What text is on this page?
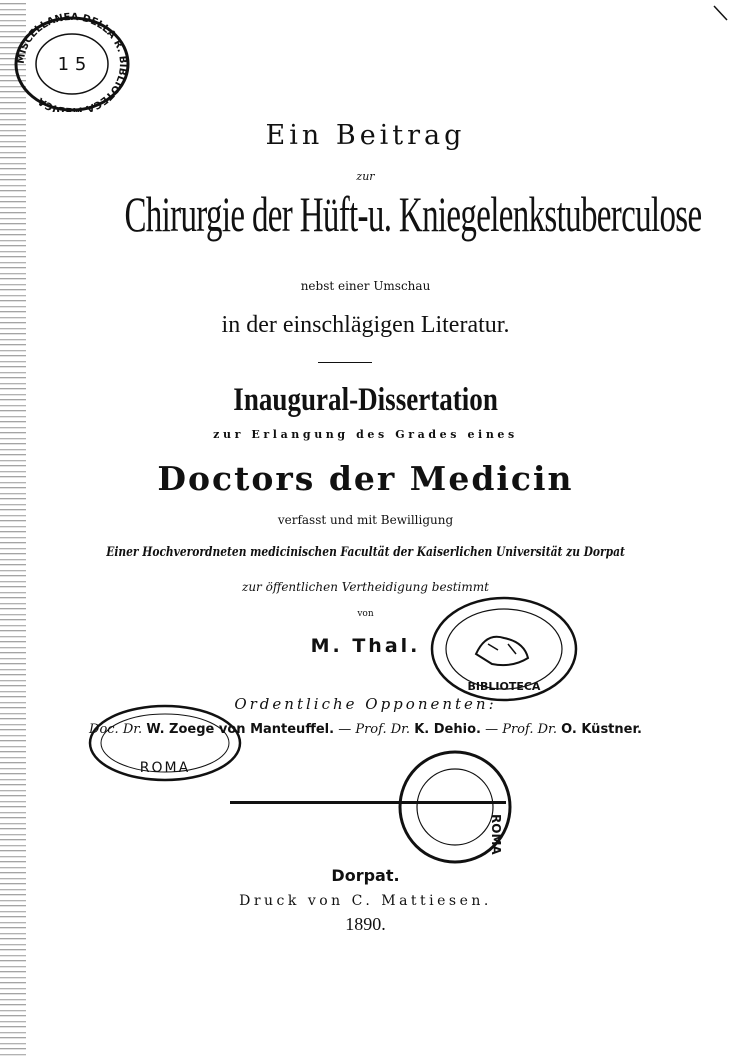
MISCELLANEA DELLA R. BIBLIOTECA MEDICA
1 5
Ein Beitrag
zur
Chirurgie der Hüft-u. Kniegelenkstuberculose
nebst einer Umschau
in der einschlägigen Literatur.
Inaugural-Dissertation
zur Erlangung des Grades eines
Doctors der Medicin
verfasst und mit Bewilligung
Einer Hochverordneten medicinischen Facultät der Kaiserlichen Universität zu Dorpat
zur öffentlichen Vertheidigung bestimmt
von
M. Thal.
BIBLIOTECA
Ordentliche Opponenten:
Doc. Dr. W. Zoege von Manteuffel. — Prof. Dr. K. Dehio. — Prof. Dr. O. Küstner.
ROMA
ROMA
Dorpat.
Druck von C. Mattiesen.
1890.
